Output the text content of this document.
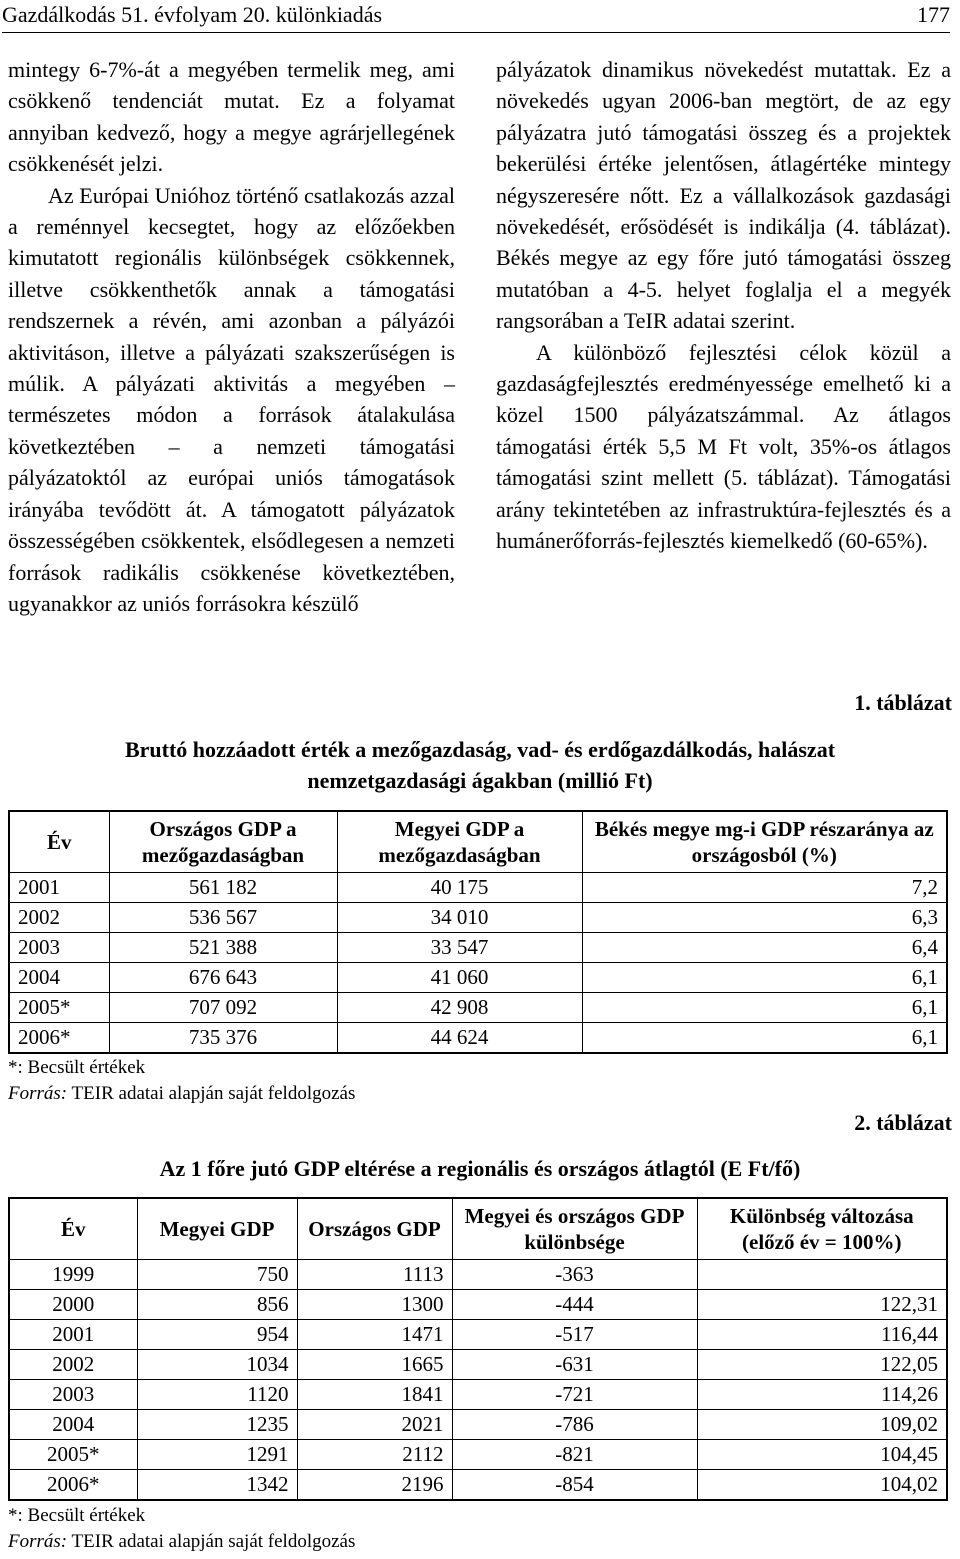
Gazdálkodás 51. évfolyam 20. különkiadás	177

mintegy 6-7%-át a megyében termelik meg, ami csökkenő tendenciát mutat. Ez a folyamat annyiban kedvező, hogy a megye agrárjellegének csökkenését jelzi.

Az Európai Unióhoz történő csatlakozás azzal a reménnyel kecsegtet, hogy az előzőekben kimutatott regionális különbségek csökkennek, illetve csökkenthetők annak a támogatási rendszernek a révén, ami azonban a pályázói aktivitáson, illetve a pályázati szakszerűségen is múlik. A pályázati aktivitás a megyében – természetes módon a források átalakulása következtében – a nemzeti támogatási pályázatoktól az európai uniós támogatások irányába tevődött át. A támogatott pályázatok összességében csökkentek, elsődlegesen a nemzeti források radikális csökkenése következtében, ugyanakkor az uniós forrásokra készülő

pályázatok dinamikus növekedést mutattak. Ez a növekedés ugyan 2006-ban megtört, de az egy pályázatra jutó támogatási összeg és a projektek bekerülési értéke jelentősen, átlagértéke mintegy négyszeresére nőtt. Ez a vállalkozások gazdasági növekedését, erősödését is indikálja (4. táblázat). Békés megye az egy főre jutó támogatási összeg mutatóban a 4-5. helyet foglalja el a megyék rangsorában a TeIR adatai szerint.

A különböző fejlesztési célok közül a gazdaságfejlesztés eredményessége emelhető ki a közel 1500 pályázatszámmal. Az átlagos támogatási érték 5,5 M Ft volt, 35%-os átlagos támogatási szint mellett (5. táblázat). Támogatási arány tekintetében az infrastruktúra-fejlesztés és a humánerőforrás-fejlesztés kiemelkedő (60-65%).

1. táblázat
Bruttó hozzáadott érték a mezőgazdaság, vad- és erdőgazdálkodás, halászat
nemzetgazdasági ágakban (millió Ft)
Év	Országos GDP a mezőgazdaságban	Megyei GDP a mezőgazdaságban	Békés megye mg-i GDP részaránya az országosból (%)
2001	561 182	40 175	7,2
2002	536 567	34 010	6,3
2003	521 388	33 547	6,4
2004	676 643	41 060	6,1
2005*	707 092	42 908	6,1
2006*	735 376	44 624	6,1
*: Becsült értékek
Forrás: TEIR adatai alapján saját feldolgozás
2. táblázat
Az 1 főre jutó GDP eltérése a regionális és országos átlagtól (E Ft/fő)
Év	Megyei GDP	Országos GDP	Megyei és országos GDP különbsége	Különbség változása (előző év = 100%)
1999	750	1113	-363	
2000	856	1300	-444	122,31
2001	954	1471	-517	116,44
2002	1034	1665	-631	122,05
2003	1120	1841	-721	114,26
2004	1235	2021	-786	109,02
2005*	1291	2112	-821	104,45
2006*	1342	2196	-854	104,02
*: Becsült értékek
Forrás: TEIR adatai alapján saját feldolgozás
